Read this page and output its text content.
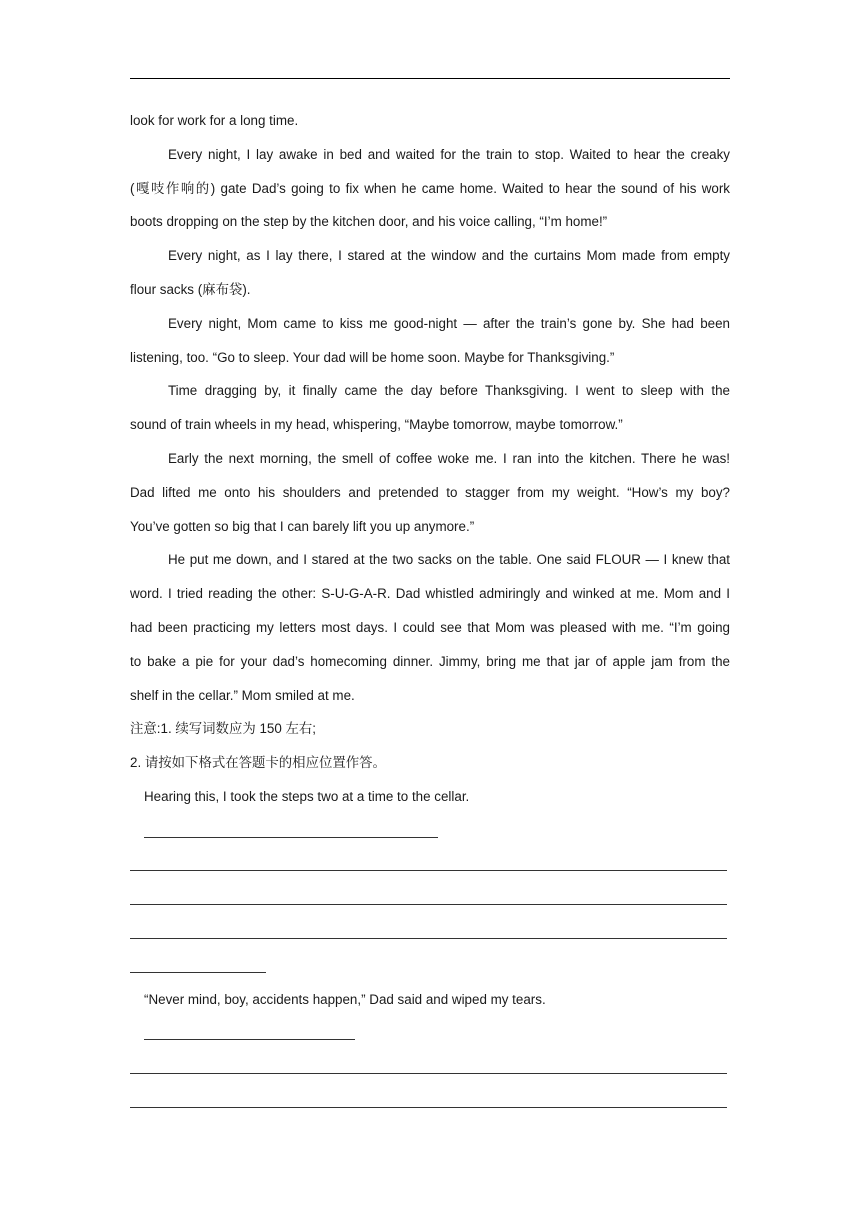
look for work for a long time.
Every night, I lay awake in bed and waited for the train to stop. Waited to hear the creaky
(嘎吱作响的) gate Dad’s going to fix when he came home. Waited to hear the sound of his work
boots dropping on the step by the kitchen door, and his voice calling, “I’m home!”
Every night, as I lay there, I stared at the window and the curtains Mom made from empty
flour sacks (麻布袋).
Every night, Mom came to kiss me good-night — after the train’s gone by. She had been
listening, too. “Go to sleep. Your dad will be home soon. Maybe for Thanksgiving.”
Time dragging by, it finally came the day before Thanksgiving. I went to sleep with the
sound of train wheels in my head, whispering, “Maybe tomorrow, maybe tomorrow.”
Early the next morning, the smell of coffee woke me. I ran into the kitchen. There he was!
Dad lifted me onto his shoulders and pretended to stagger from my weight. “How’s my boy?
You’ve gotten so big that I can barely lift you up anymore.”
He put me down, and I stared at the two sacks on the table. One said FLOUR — I knew that
word. I tried reading the other: S-U-G-A-R. Dad whistled admiringly and winked at me. Mom and I
had been practicing my letters most days. I could see that Mom was pleased with me. “I’m going
to bake a pie for your dad’s homecoming dinner. Jimmy, bring me that jar of apple jam from the
shelf in the cellar.” Mom smiled at me.
注意:1. 续写词数应为 150 左右;
2. 请按如下格式在答题卡的相应位置作答。
Hearing this, I took the steps two at a time to the cellar.
“Never mind, boy, accidents happen,” Dad said and wiped my tears.
